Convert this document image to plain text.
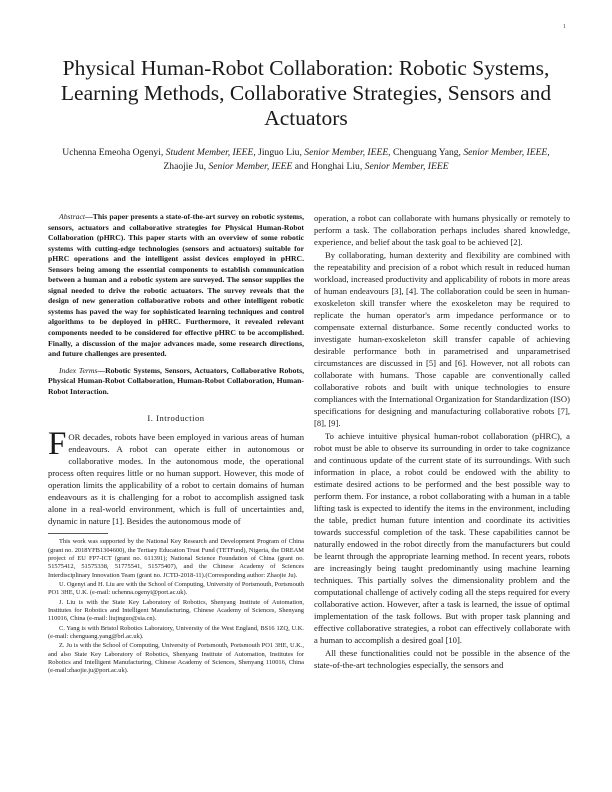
1
Physical Human-Robot Collaboration: Robotic Systems, Learning Methods, Collaborative Strategies, Sensors and Actuators
Uchenna Emeoha Ogenyi, Student Member, IEEE, Jinguo Liu, Senior Member, IEEE, Chenguang Yang, Senior Member, IEEE, Zhaojie Ju, Senior Member, IEEE and Honghai Liu, Senior Member, IEEE

Abstract—This paper presents a state-of-the-art survey on robotic systems, sensors, actuators and collaborative strategies for Physical Human-Robot Collaboration (pHRC). This paper starts with an overview of some robotic systems with cutting-edge technologies (sensors and actuators) suitable for pHRC operations and the intelligent assist devices employed in pHRC. Sensors being among the essential components to establish communication between a human and a robotic system are surveyed. The sensor supplies the signal needed to drive the robotic actuators. The survey reveals that the design of new generation collaborative robots and other intelligent robotic systems has paved the way for sophisticated learning techniques and control algorithms to be deployed in pHRC. Furthermore, it revealed relevant components needed to be considered for effective pHRC to be accomplished. Finally, a discussion of the major advances made, some research directions, and future challenges are presented.

Index Terms—Robotic Systems, Sensors, Actuators, Collaborative Robots, Physical Human-Robot Collaboration, Human-Robot Collaboration, Human-Robot Interaction.

I. Introduction

FOR decades, robots have been employed in various areas of human endeavours. A robot can operate either in autonomous or collaborative modes. In the autonomous mode, the operational process often requires little or no human support. However, this mode of operation limits the applicability of a robot to certain domains of human endeavours as it is challenging for a robot to accomplish assigned task alone in a real-world environment, which is full of uncertainties and, dynamic in nature [1]. Besides the autonomous mode of

This work was supported by the National Key Research and Development Program of China (grant no. 2018YFB1304600), the Tertiary Education Trust Fund (TETFund), Nigeria, the DREAM project of EU FP7-ICT (grant no. 611391); National Science Foundation of China (grant no. 51575412, 51575338, 51775541, 51575407), and the Chinese Academy of Sciences Interdisciplinary Innovation Team (grant no. JCTD-2018-11).(Corresponding author: Zhaojie Ju).

U. Ogenyi and H. Liu are with the School of Computing, University of Portsmouth, Portsmouth PO1 3HE, U.K. (e-mail: uchenna.ogenyi@port.ac.uk).

J. Liu is with the State Key Laboratory of Robotics, Shenyang Institute of Automation, Institutes for Robotics and Intelligent Manufacturing, Chinese Academy of Sciences, Shenyang 110016, China (e-mail: liujinguo@sia.cn).

C. Yang is with Bristol Robotics Laboratory, University of the West England, BS16 1ZQ, U.K. (e-mail: chenguang.yang@brl.ac.uk).

Z. Ju is with the School of Computing, University of Portsmouth, Portsmouth PO1 3HE, U.K., and also State Key Laboratory of Robotics, Shenyang Institute of Automation, Institutes for Robotics and Intelligent Manufacturing, Chinese Academy of Sciences, Shenyang 110016, China (e-mail:zhaojie.ju@port.ac.uk).

operation, a robot can collaborate with humans physically or remotely to perform a task. The collaboration perhaps includes shared knowledge, experience, and belief about the task goal to be achieved [2].

By collaborating, human dexterity and flexibility are combined with the repeatability and precision of a robot which result in reduced human workload, increased productivity and applicability of robots in more areas of human endeavours [3], [4]. The collaboration could be seen in human-exoskeleton skill transfer where the exoskeleton may be required to replicate the human operator's arm impedance performance or to compensate external disturbance. Some recently conducted works to investigate human-exoskeleton skill transfer capable of achieving desirable performance both in parametrised and unparametrised circumstances are discussed in [5] and [6]. However, not all robots can collaborate with humans. Those capable are conventionally called collaborative robots and built with unique technologies to ensure compliances with the International Organization for Standardization (ISO) specifications for designing and manufacturing collaborative robots [7], [8], [9].

To achieve intuitive physical human-robot collaboration (pHRC), a robot must be able to observe its surrounding in order to take cognizance and continuous update of the current state of its surroundings. With such information in place, a robot could be endowed with the ability to estimate desired actions to be performed and the best possible way to perform them. For instance, a robot collaborating with a human in a table lifting task is expected to identify the items in the environment, including the table, predict human future intention and coordinate its activities towards successful completion of the task. These capabilities cannot be naturally endowed in the robot directly from the manufacturers but could be learnt through the appropriate learning method. In recent years, robots are increasingly being taught predominantly using machine learning techniques. This partially solves the dimensionality problem and the computational challenge of actively coding all the steps required for every collaborative action. However, after a task is learned, the issue of optimal implementation of the task follows. But with proper task planning and effective collaborative strategies, a robot can effectively collaborate with a human to accomplish a desired goal [10].

All these functionalities could not be possible in the absence of the state-of-the-art technologies especially, the sensors and
